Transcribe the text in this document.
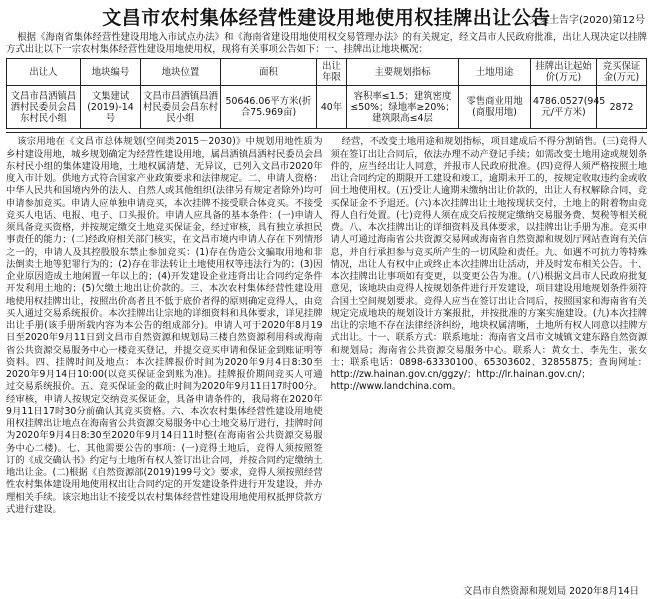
文昌市农村集体经营性建设用地使用权挂牌出让公告
文集土告字(2020)第12号

根据《海南省集体经营性建设用地入市试点办法》和《海南省建设用地使用权交易管理办法》的有关规定，经文昌市人民政府批准，出让人现决定以挂牌方式出让以下一宗农村集体经营性建设用地使用权，现将有关事项公告如下：一、挂牌出让地块概况：

出让人	地块编号	地块位置	面积	出让年限	主要规划指标	土地用途	挂牌出让起始价(万元)	竞买保证金(万元)
文昌市昌洒镇昌洒村民委员会昌东村民小组	文集建试(2019)-14号	文昌市昌洒镇昌洒村民委员会昌东村民小组	50646.06平方米(折合75.969亩)	40年	容积率≤1.5；建筑密度≤50%；绿地率≥20%；建筑限高≤4层	零售商业用地(商服用地)	4786.0527(945元/平方米)	2872

该宗用地在《文昌市总体规划(空间类2015－2030)》中规划用地性质为乡村建设用地，城乡规划确定为经营性建设用地，属昌洒镇昌洒村民委员会昌东村民小组的集体建设用地，土地权属清楚、无异议，已列入文昌市2020年度入市计划。供地方式符合国家产业政策要求和法律规定。二、申请人资格：中华人民共和国境内外的法人、自然人或其他组织(法律另有规定者除外)均可申请参加竞买。申请人应单独申请竞买，本次挂牌不接受联合体竞买。不接受竞买人电话、电报、电子、口头报价。申请人应具备的基本条件：(一)申请人须具备竞买资格，并按规定缴交土地竞买保证金，经过审核，具有独立承担民事责任的能力；(二)经政府相关部门核实，在文昌市境内申请人存在下列情形之一的，申请人及其控股股东禁止参加竞买：(1)存在伪造公文骗取用地和非法倒卖土地等犯罪行为的；(2)存在非法转让土地使用权等违法行为的；(3)因企业原因造成土地闲置一年以上的；(4)开发建设企业违背出让合同约定条件开发利用土地的；(5)欠缴土地出让价款的。三、本次农村集体经营性建设用地使用权挂牌出让，按照出价高者且不低于底价者得的原则确定竞得人，由竞买人通过交易系统报价。本次挂牌出让宗地的详细资料和具体要求，详见挂牌出让手册(该手册所载内容为本公告的组成部分)。申请人可于2020年8月19日至2020年9月11日到文昌市自然资源和规划局三楼自然资源利用科或海南省公共资源交易服务中心一楼竞买登记，并提交竞买申请和保证金到账证明等资料。四、挂牌时间及地点：本次挂牌报价时间为2020年9月4日8:30至2020年9月14日10:00(以竞买保证金到账为准)。挂牌报价期间竞买人可通过交易系统报价。五、竞买保证金的截止时间为2020年9月11日17时00分。经审核，申请人按规定交纳竞买保证金，具备申请条件的，我局将在2020年9月11日17时30分前确认其竞买资格。六、本次农村集体经营性建设用地使用权挂牌出让地点在海南省公共资源交易服务中心土地交易厅进行，挂牌时间为2020年9月4日8:30至2020年9月14日11时整(在海南省公共资源交易服务中心二楼)。七、其他需要公告的事项：(一)竞得土地后，竞得人须按照签订的《成交确认书》约定与土地所有权人签订出让合同，并按合同约定缴纳土地出让金。(二)根据《自然资源部(2019)199号文》要求，竞得人须按照经营性农村集体建设用地使用权出让合同约定的开发建设条件进行开发建设，并办理相关手续。该宗地出让不接受以农村集体经营性建设用地使用权抵押贷款方式进行建设。

经营，不改变土地用途和规划指标，项目建成后不得分割销售。(三)竞得人须在签订出让合同后，依法办理不动产登记手续；如需改变土地用途或规划条件的，应当经出让人同意，并报市人民政府批准。(四)竞得人须严格按照土地出让合同约定的期限开工建设和竣工，逾期未开工的，按规定收取违约金或收回土地使用权。(五)受让人逾期未缴纳出让价款的，出让人有权解除合同，竞买保证金不予退还。(六)本次挂牌出让土地按现状交付，土地上的附着物由竞得人自行处置。(七)竞得人须在成交后按规定缴纳交易服务费、契税等相关税费。八、本次挂牌出让的详细资料及具体要求，以挂牌出让手册为准。竞买申请人可通过海南省公共资源交易网或海南省自然资源和规划厅网站查询有关信息，并自行承担参与竞买所产生的一切风险和责任。九、如遇不可抗力等特殊情况，出让人有权中止或终止本次挂牌出让活动，并及时发布相关公告。十、本次挂牌出让事项如有变更，以变更公告为准。(八)根据文昌市人民政府批复意见，该地块由竞得人按规划条件进行开发建设，项目建设用地规划条件须符合国土空间规划要求。竞得人应当在签订出让合同后，按照国家和海南省有关规定完成地块的规划设计方案报批，并按批准的方案实施建设。(九)本次挂牌出让的宗地不存在法律经济纠纷，地块权属清晰，土地所有权人同意以挂牌方式出让。十一、联系方式：联系地址：海南省文昌市文城镇文建东路自然资源和规划局；海南省公共资源交易服务中心。联系人：黄女士、李先生、张女士；联系电话：0898-63330100、65303602、32855875；查询网址：http://zw.hainan.gov.cn/ggzy/；http://lr.hainan.gov.cn/；http://www.landchina.com。

文昌市自然资源和规划局 2020年8月14日
